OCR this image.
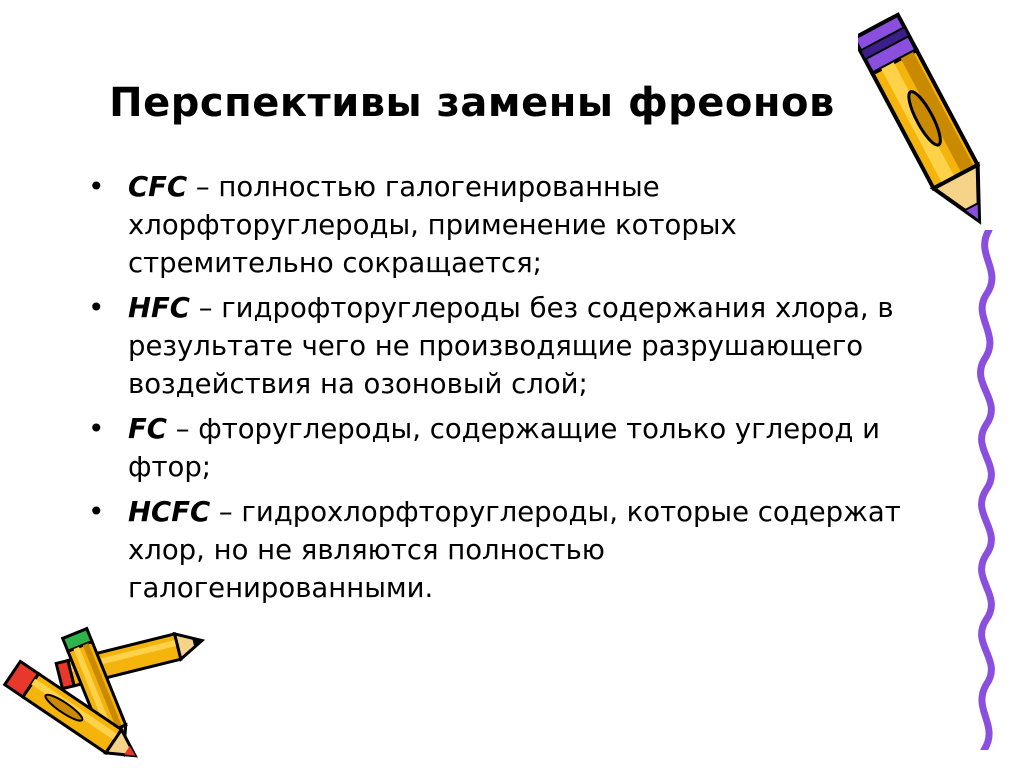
Перспективы замены фреонов
• CFC – полностью галогенированные хлорфторуглероды, применение которых стремительно сокращается;
• HFC – гидрофторуглероды без содержания хлора, в результате чего не производящие разрушающего воздействия на озоновый слой;
• FC – фторуглероды, содержащие только углерод и фтор;
• HCFC – гидрохлорфторуглероды, которые содержат хлор, но не являются полностью галогенированными.
